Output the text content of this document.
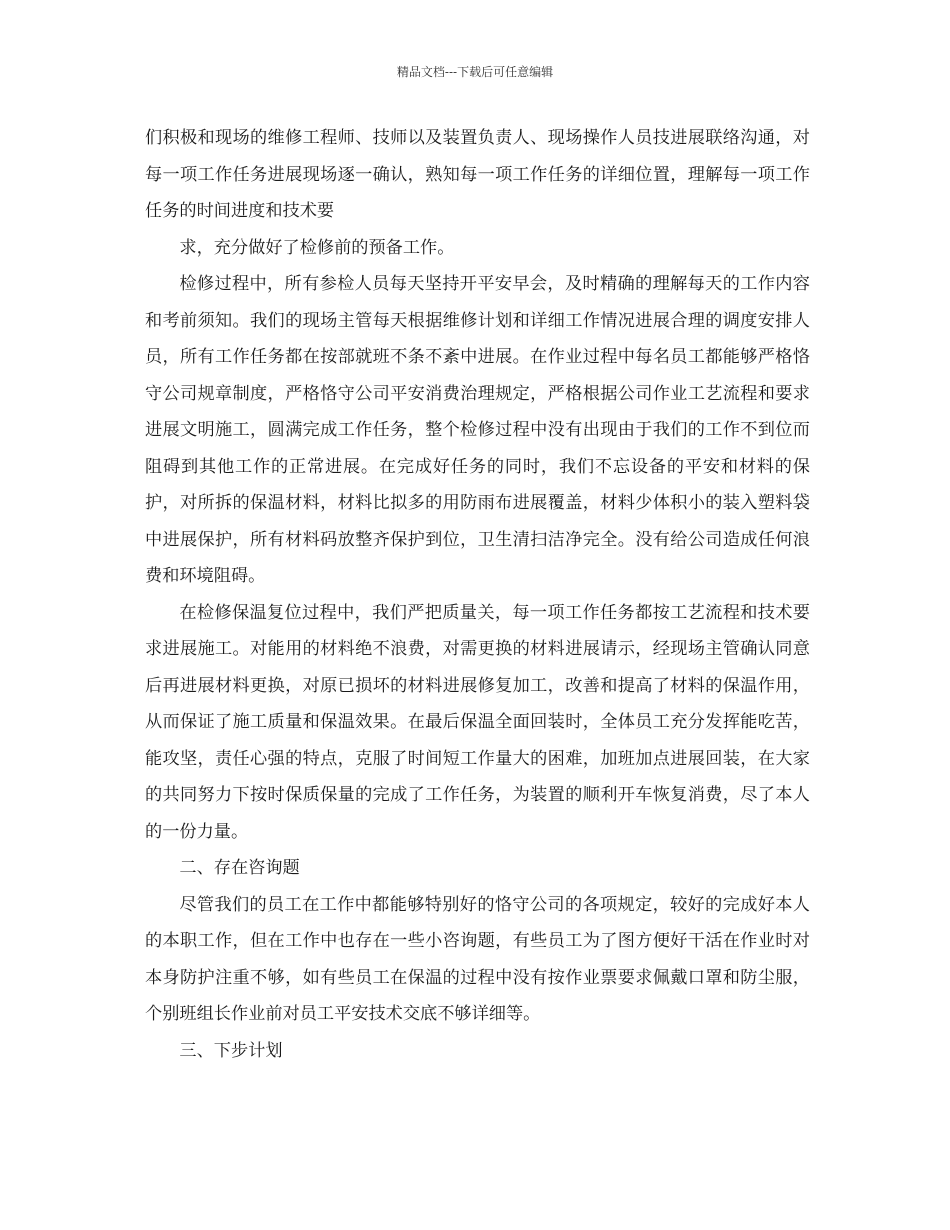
精品文档---下载后可任意编辑

们积极和现场的维修工程师、技师以及装置负责人、现场操作人员技进展联络沟通，对每一项工作任务进展现场逐一确认，熟知每一项工作任务的详细位置，理解每一项工作任务的时间进度和技术要

求，充分做好了检修前的预备工作。

检修过程中，所有参检人员每天坚持开平安早会，及时精确的理解每天的工作内容和考前须知。我们的现场主管每天根据维修计划和详细工作情况进展合理的调度安排人员，所有工作任务都在按部就班不条不紊中进展。在作业过程中每名员工都能够严格恪守公司规章制度，严格恪守公司平安消费治理规定，严格根据公司作业工艺流程和要求进展文明施工，圆满完成工作任务，整个检修过程中没有出现由于我们的工作不到位而阻碍到其他工作的正常进展。在完成好任务的同时，我们不忘设备的平安和材料的保护，对所拆的保温材料，材料比拟多的用防雨布进展覆盖，材料少体积小的装入塑料袋中进展保护，所有材料码放整齐保护到位，卫生清扫洁净完全。没有给公司造成任何浪费和环境阻碍。

在检修保温复位过程中，我们严把质量关，每一项工作任务都按工艺流程和技术要求进展施工。对能用的材料绝不浪费，对需更换的材料进展请示，经现场主管确认同意后再进展材料更换，对原已损坏的材料进展修复加工，改善和提高了材料的保温作用，从而保证了施工质量和保温效果。在最后保温全面回装时，全体员工充分发挥能吃苦，能攻坚，责任心强的特点，克服了时间短工作量大的困难，加班加点进展回装，在大家的共同努力下按时保质保量的完成了工作任务，为装置的顺利开车恢复消费，尽了本人的一份力量。

二、存在咨询题

尽管我们的员工在工作中都能够特别好的恪守公司的各项规定，较好的完成好本人的本职工作，但在工作中也存在一些小咨询题，有些员工为了图方便好干活在作业时对本身防护注重不够，如有些员工在保温的过程中没有按作业票要求佩戴口罩和防尘服，个别班组长作业前对员工平安技术交底不够详细等。

三、下步计划
